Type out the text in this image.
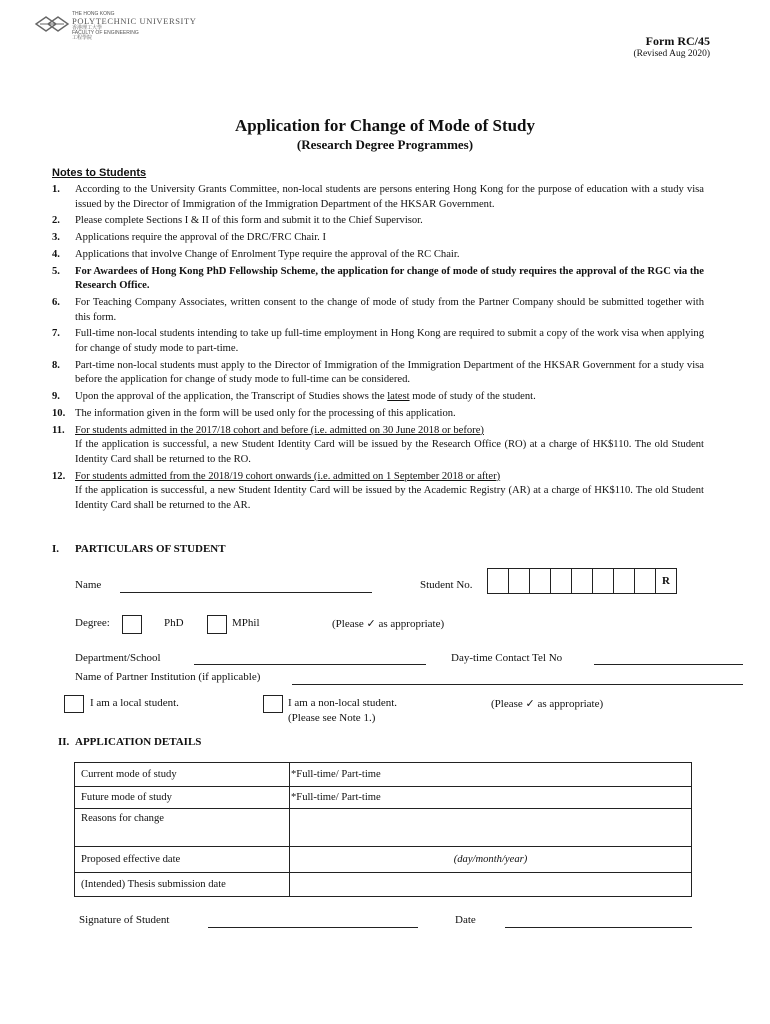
THE HONG KONG
POLYTECHNIC UNIVERSITY
香港理工大學
FACULTY OF ENGINEERING
工程學院	Form RC/45
(Revised Aug 2020)
Application for Change of Mode of Study
(Research Degree Programmes)
Notes to Students
1.	According to the University Grants Committee, non-local students are persons entering Hong Kong for the purpose of education with a study visa issued by the Director of Immigration of the Immigration Department of the HKSAR Government.
2.	Please complete Sections I & II of this form and submit it to the Chief Supervisor.
3.	Applications require the approval of the DRC/FRC Chair. I
4.	Applications that involve Change of Enrolment Type require the approval of the RC Chair.
5.	For Awardees of Hong Kong PhD Fellowship Scheme, the application for change of mode of study requires the approval of the RGC via the Research Office.
6.	For Teaching Company Associates, written consent to the change of mode of study from the Partner Company should be submitted together with this form.
7.	Full-time non-local students intending to take up full-time employment in Hong Kong are required to submit a copy of the work visa when applying for change of study mode to part-time.
8.	Part-time non-local students must apply to the Director of Immigration of the Immigration Department of the HKSAR Government for a study visa before the application for change of study mode to full-time can be considered.
9.	Upon the approval of the application, the Transcript of Studies shows the latest mode of study of the student.
10. The information given in the form will be used only for the processing of this application.
11. For students admitted in the 2017/18 cohort and before (i.e. admitted on 30 June 2018 or before)
If the application is successful, a new Student Identity Card will be issued by the Research Office (RO) at a charge of HK$110. The old Student Identity Card shall be returned to the RO.
12. For students admitted from the 2018/19 cohort onwards (i.e. admitted on 1 September 2018 or after)
If the application is successful, a new Student Identity Card will be issued by the Academic Registry (AR) at a charge of HK$110. The old Student Identity Card shall be returned to the AR.
I. PARTICULARS OF STUDENT
Name	Student No.
									R
Degree:	PhD	MPhil	(Please ✓ as appropriate)
Department/School	Day-time Contact Tel No
Name of Partner Institution (if applicable)
I am a local student.	I am a non-local student.
(Please see Note 1.)
(Please ✓ as appropriate)
II. APPLICATION DETAILS
Current mode of study	*Full-time/ Part-time
Future mode of study	*Full-time/ Part-time
Reasons for change	
Proposed effective date	(day/month/year)
(Intended) Thesis submission date	
Signature of Student	Date
